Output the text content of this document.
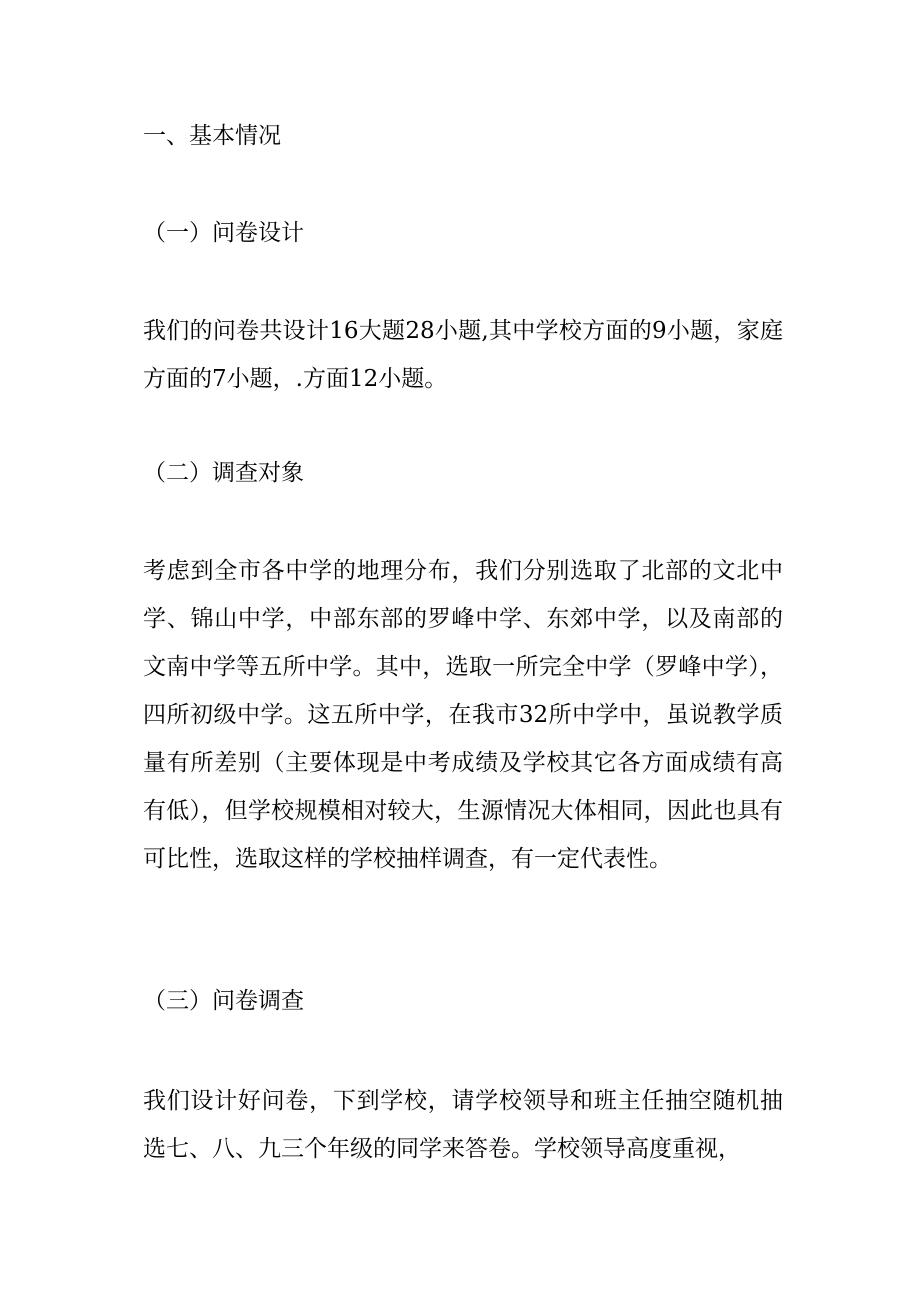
一、基本情况

（一）问卷设计

我们的问卷共设计16大题28小题,其中学校方面的9小题，家庭方面的7小题，.方面12小题。

（二）调查对象

考虑到全市各中学的地理分布，我们分别选取了北部的文北中学、锦山中学，中部东部的罗峰中学、东郊中学，以及南部的文南中学等五所中学。其中，选取一所完全中学（罗峰中学），四所初级中学。这五所中学，在我市32所中学中，虽说教学质量有所差别（主要体现是中考成绩及学校其它各方面成绩有高有低），但学校规模相对较大，生源情况大体相同，因此也具有可比性，选取这样的学校抽样调查，有一定代表性。

（三）问卷调查

我们设计好问卷，下到学校，请学校领导和班主任抽空随机抽选七、八、九三个年级的同学来答卷。学校领导高度重视，
